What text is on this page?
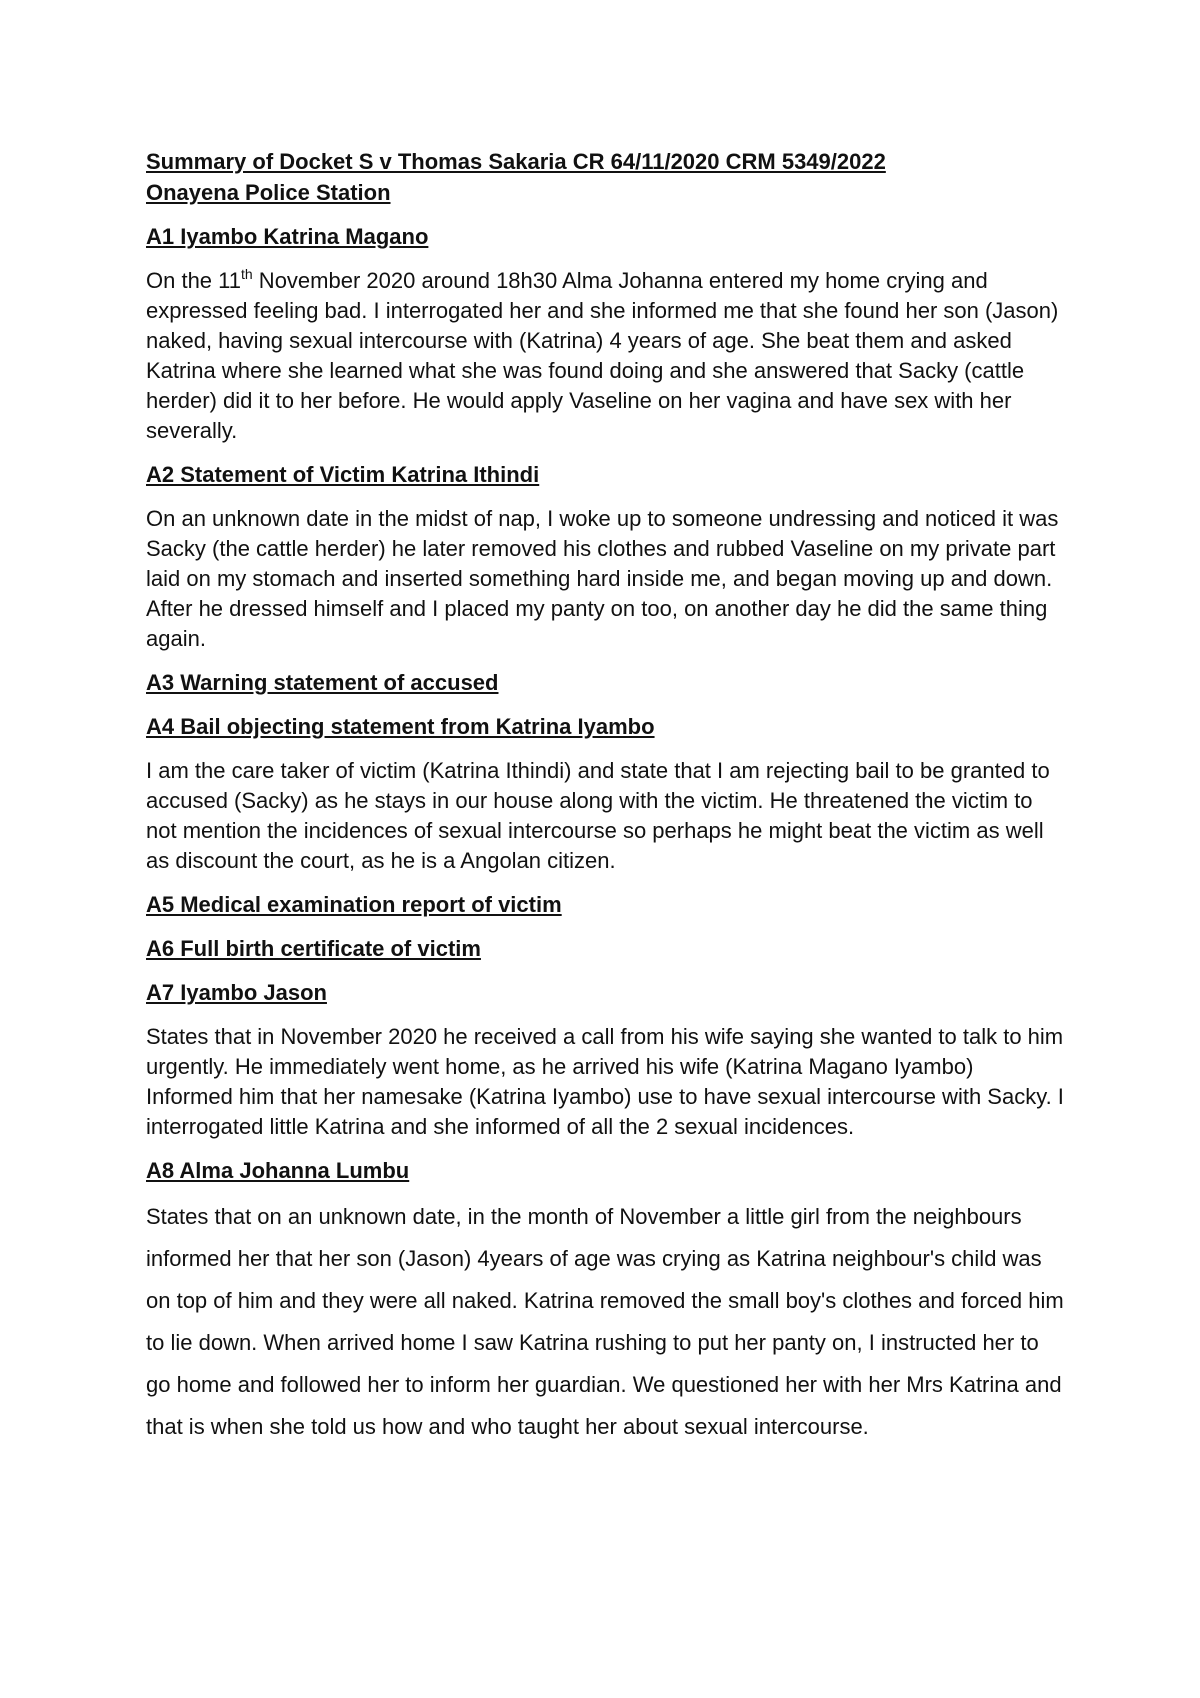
Summary of Docket S v Thomas Sakaria CR 64/11/2020 CRM 5349/2022
Onayena Police Station
A1 Iyambo Katrina Magano

On the 11th November 2020 around 18h30 Alma Johanna entered my home crying and expressed feeling bad. I interrogated her and she informed me that she found her son (Jason) naked, having sexual intercourse with (Katrina) 4 years of age. She beat them and asked Katrina where she learned what she was found doing and she answered that Sacky (cattle herder) did it to her before. He would apply Vaseline on her vagina and have sex with her severally.

A2 Statement of Victim Katrina Ithindi

On an unknown date in the midst of nap, I woke up to someone undressing and noticed it was Sacky (the cattle herder) he later removed his clothes and rubbed Vaseline on my private part laid on my stomach and inserted something hard inside me, and began moving up and down. After he dressed himself and I placed my panty on too, on another day he did the same thing again.

A3 Warning statement of accused
A4 Bail objecting statement from Katrina Iyambo

I am the care taker of victim (Katrina Ithindi) and state that I am rejecting bail to be granted to accused (Sacky) as he stays in our house along with the victim. He threatened the victim to not mention the incidences of sexual intercourse so perhaps he might beat the victim as well as discount the court, as he is a Angolan citizen.

A5 Medical examination report of victim
A6 Full birth certificate of victim
A7 Iyambo Jason

States that in November 2020 he received a call from his wife saying she wanted to talk to him urgently. He immediately went home, as he arrived his wife (Katrina Magano Iyambo) Informed him that her namesake (Katrina Iyambo) use to have sexual intercourse with Sacky. I interrogated little Katrina and she informed of all the 2 sexual incidences.

A8 Alma Johanna Lumbu

States that on an unknown date, in the month of November a little girl from the neighbours informed her that her son (Jason) 4years of age was crying as Katrina neighbour's child was on top of him and they were all naked. Katrina removed the small boy's clothes and forced him to lie down. When arrived home I saw Katrina rushing to put her panty on, I instructed her to go home and followed her to inform her guardian. We questioned her with her Mrs Katrina and that is when she told us how and who taught her about sexual intercourse.
